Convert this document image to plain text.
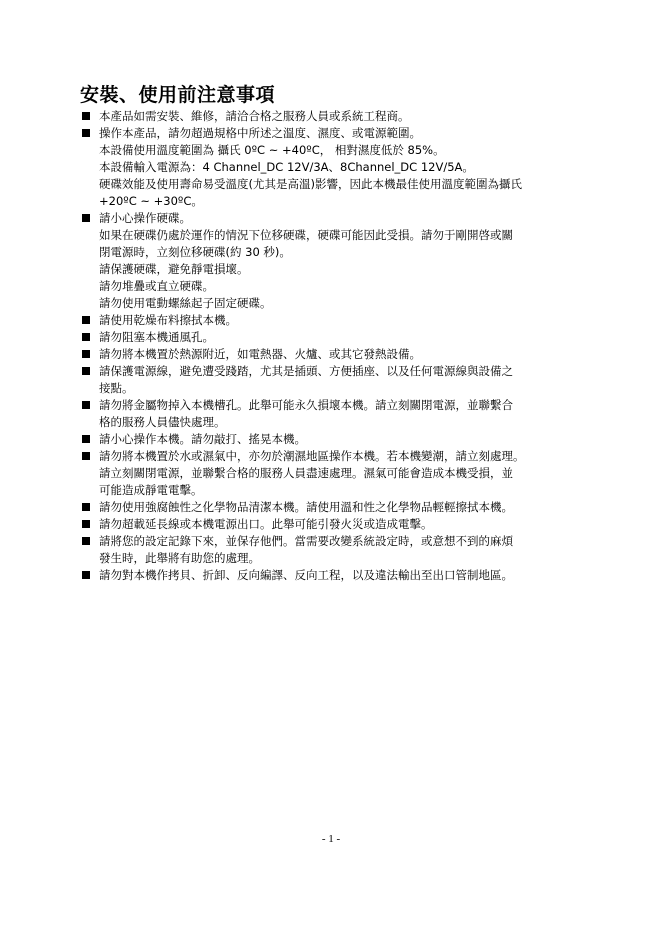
安裝、使用前注意事項
本產品如需安裝、維修，請洽合格之服務人員或系統工程商。
操作本產品，請勿超過規格中所述之溫度、濕度、或電源範圍。
本設備使用溫度範圍為 攝氏 0ºC ~ +40ºC， 相對濕度低於 85%。
本設備輸入電源為：4 Channel_DC 12V/3A、8Channel_DC 12V/5A。
硬碟效能及使用壽命易受溫度(尤其是高溫)影響，因此本機最佳使用溫度範圍為攝氏
+20ºC ~ +30ºC。
請小心操作硬碟。
如果在硬碟仍處於運作的情況下位移硬碟，硬碟可能因此受損。請勿于剛開啓或關
閉電源時，立刻位移硬碟(約 30 秒)。
請保護硬碟，避免靜電損壞。
請勿堆疊或直立硬碟。
請勿使用電動螺絲起子固定硬碟。
請使用乾燥布料擦拭本機。
請勿阻塞本機通風孔。
請勿將本機置於熱源附近，如電熱器、火爐、或其它發熱設備。
請保護電源線，避免遭受踐踏，尤其是插頭、方便插座、以及任何電源線與設備之
接點。
請勿將金屬物掉入本機槽孔。此舉可能永久損壞本機。請立刻關閉電源，並聯繫合
格的服務人員儘快處理。
請小心操作本機。請勿敲打、搖晃本機。
請勿將本機置於水或濕氣中，亦勿於潮濕地區操作本機。若本機變潮，請立刻處理。
請立刻關閉電源，並聯繫合格的服務人員盡速處理。濕氣可能會造成本機受損，並
可能造成靜電電擊。
請勿使用強腐蝕性之化學物品清潔本機。請使用溫和性之化學物品輕輕擦拭本機。
請勿超載延長線或本機電源出口。此舉可能引發火災或造成電擊。
請將您的設定記錄下來，並保存他們。當需要改變系統設定時，或意想不到的麻煩
發生時，此舉將有助您的處理。
請勿對本機作拷貝、折卸、反向編譯、反向工程，以及違法輸出至出口管制地區。
- 1 -
